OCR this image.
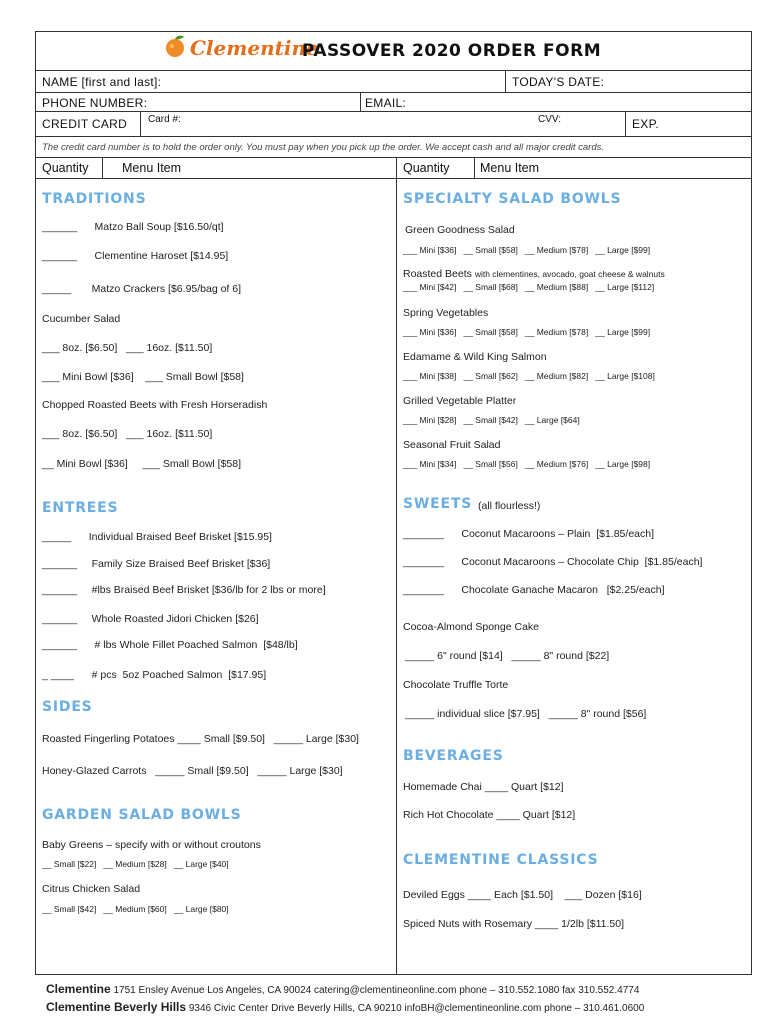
Clementine
PASSOVER 2020 ORDER FORM
NAME [first and last]:	TODAY'S DATE:
PHONE NUMBER:	EMAIL:
CREDIT CARD Card #:	CVV:	EXP.
The credit card number is to hold the order only. You must pay when you pick up the order. We accept cash and all major credit cards.
Quantity	Menu Item	Quantity Menu Item
TRADITIONS
______      Matzo Ball Soup [$16.50/qt]
______      Clementine Haroset [$14.95]
_____       Matzo Crackers [$6.95/bag of 6]
Cucumber Salad
___ 8oz. [$6.50]   ___ 16oz. [$11.50]
___ Mini Bowl [$36]    ___ Small Bowl [$58]
Chopped Roasted Beets with Fresh Horseradish
___ 8oz. [$6.50]   ___ 16oz. [$11.50]
__ Mini Bowl [$36]     ___ Small Bowl [$58]
ENTREES
_____      Individual Braised Beef Brisket [$15.95]
______     Family Size Braised Beef Brisket [$36]
______     #lbs Braised Beef Brisket [$36/lb for 2 lbs or more]
______     Whole Roasted Jidori Chicken [$26]
______      # lbs Whole Fillet Poached Salmon  [$48/lb]
_ ____      # pcs  5oz Poached Salmon  [$17.95]
SIDES
Roasted Fingerling Potatoes ____ Small [$9.50]   _____ Large [$30]
Honey-Glazed Carrots   _____ Small [$9.50]   _____ Large [$30]
GARDEN SALAD BOWLS
Baby Greens – specify with or without croutons
__ Small [$22]   __ Medium [$28]   __ Large [$40]
Citrus Chicken Salad
__ Small [$42]   __ Medium [$60]   __ Large [$80]
SPECIALTY SALAD BOWLS
Green Goodness Salad
___ Mini [$36]   __ Small [$58]   __ Medium [$78]   __ Large [$99]
Roasted Beets with clementines, avocado, goat cheese & walnuts
___ Mini [$42]   __ Small [$68]   __ Medium [$88]   __ Large [$112]
Spring Vegetables
___ Mini [$36]   __ Small [$58]   __ Medium [$78]   __ Large [$99]
Edamame & Wild King Salmon
___ Mini [$38]   __ Small [$62]   __ Medium [$82]   __ Large [$108]
Grilled Vegetable Platter
___ Mini [$28]   __ Small [$42]   __ Large [$64]
Seasonal Fruit Salad
___ Mini [$34]   __ Small [$56]   __ Medium [$76]   __ Large [$98]
SWEETS (all flourless!)
_______      Coconut Macaroons – Plain  [$1.85/each]
_______      Coconut Macaroons – Chocolate Chip  [$1.85/each]
_______      Chocolate Ganache Macaron   [$2.25/each]
Cocoa-Almond Sponge Cake
_____ 6" round [$14]   _____ 8" round [$22]
Chocolate Truffle Torte
_____ individual slice [$7.95]   _____ 8" round [$56]
BEVERAGES
Homemade Chai ____ Quart [$12]
Rich Hot Chocolate ____ Quart [$12]
CLEMENTINE CLASSICS
Deviled Eggs ____ Each [$1.50]    ___ Dozen [$16]
Spiced Nuts with Rosemary ____ 1/2lb [$11.50]
Clementine 1751 Ensley Avenue Los Angeles, CA 90024 catering@clementineonline.com phone – 310.552.1080 fax 310.552.4774
Clementine Beverly Hills 9346 Civic Center Drive Beverly Hills, CA 90210 infoBH@clementineonline.com phone – 310.461.0600
